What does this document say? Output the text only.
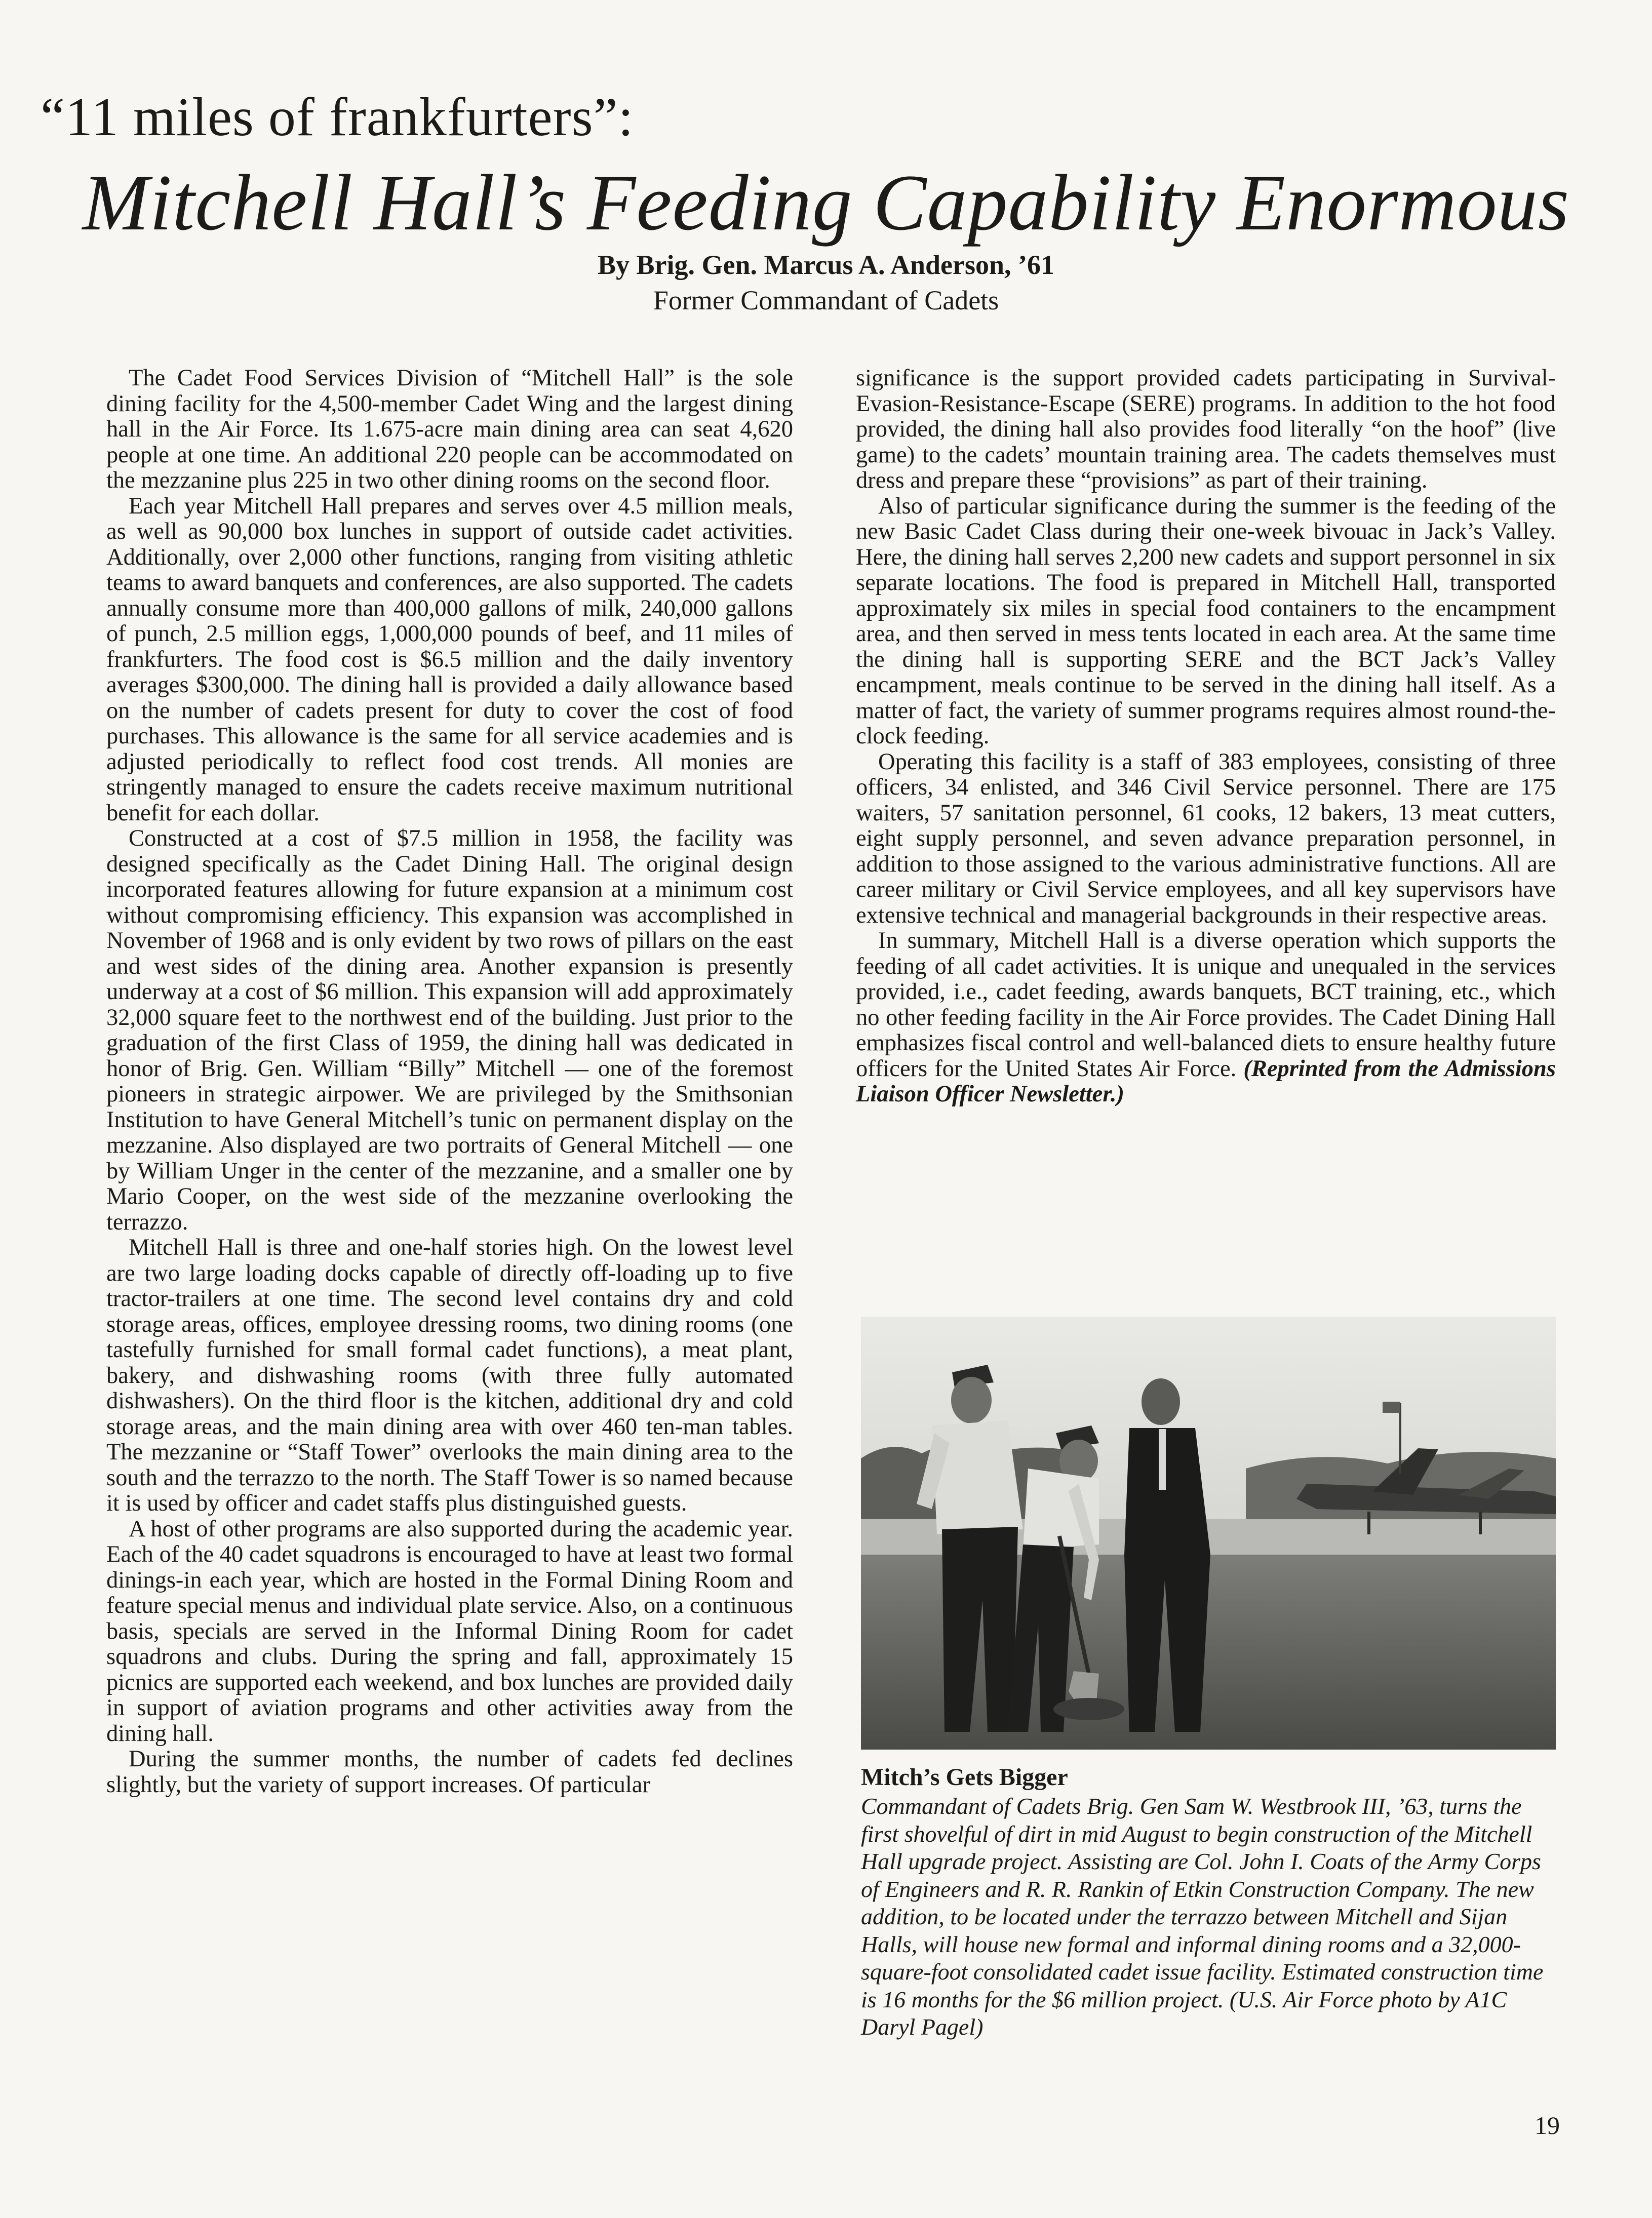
“11 miles of frankfurters”:
Mitchell Hall’s Feeding Capability Enormous
By Brig. Gen. Marcus A. Anderson, ’61
Former Commandant of Cadets

The Cadet Food Services Division of “Mitchell Hall” is the sole dining facility for the 4,500-member Cadet Wing and the largest dining hall in the Air Force. Its 1.675-acre main dining area can seat 4,620 people at one time. An additional 220 people can be accommodated on the mezzanine plus 225 in two other dining rooms on the second floor.

Each year Mitchell Hall prepares and serves over 4.5 million meals, as well as 90,000 box lunches in support of outside cadet activities. Additionally, over 2,000 other functions, ranging from visiting athletic teams to award banquets and conferences, are also supported. The cadets annually consume more than 400,000 gallons of milk, 240,000 gallons of punch, 2.5 million eggs, 1,000,000 pounds of beef, and 11 miles of frankfurters. The food cost is $6.5 million and the daily inventory averages $300,000. The dining hall is provided a daily allowance based on the number of cadets present for duty to cover the cost of food purchases. This allowance is the same for all service academies and is adjusted periodically to reflect food cost trends. All monies are stringently managed to ensure the cadets receive maximum nutritional benefit for each dollar.

Constructed at a cost of $7.5 million in 1958, the facility was designed specifically as the Cadet Dining Hall. The original design incorporated features allowing for future expansion at a minimum cost without compromising efficiency. This expansion was accomplished in November of 1968 and is only evident by two rows of pillars on the east and west sides of the dining area. Another expansion is presently underway at a cost of $6 million. This expansion will add approximately 32,000 square feet to the northwest end of the building. Just prior to the graduation of the first Class of 1959, the dining hall was dedicated in honor of Brig. Gen. William “Billy” Mitchell — one of the foremost pioneers in strategic airpower. We are privileged by the Smithsonian Institution to have General Mitchell’s tunic on permanent display on the mezzanine. Also displayed are two portraits of General Mitchell — one by William Unger in the center of the mezzanine, and a smaller one by Mario Cooper, on the west side of the mezzanine overlooking the terrazzo.

Mitchell Hall is three and one-half stories high. On the lowest level are two large loading docks capable of directly off-loading up to five tractor-trailers at one time. The second level contains dry and cold storage areas, offices, employee dressing rooms, two dining rooms (one tastefully furnished for small formal cadet functions), a meat plant, bakery, and dishwashing rooms (with three fully automated dishwashers). On the third floor is the kitchen, additional dry and cold storage areas, and the main dining area with over 460 ten-man tables. The mezzanine or “Staff Tower” overlooks the main dining area to the south and the terrazzo to the north. The Staff Tower is so named because it is used by officer and cadet staffs plus distinguished guests.

A host of other programs are also supported during the academic year. Each of the 40 cadet squadrons is encouraged to have at least two formal dinings-in each year, which are hosted in the Formal Dining Room and feature special menus and individual plate service. Also, on a continuous basis, specials are served in the Informal Dining Room for cadet squadrons and clubs. During the spring and fall, approximately 15 picnics are supported each weekend, and box lunches are provided daily in support of aviation programs and other activities away from the dining hall.

During the summer months, the number of cadets fed declines slightly, but the variety of support increases. Of particular

significance is the support provided cadets participating in Survival-Evasion-Resistance-Escape (SERE) programs. In addition to the hot food provided, the dining hall also provides food literally “on the hoof” (live game) to the cadets’ mountain training area. The cadets themselves must dress and prepare these “provisions” as part of their training.

Also of particular significance during the summer is the feeding of the new Basic Cadet Class during their one-week bivouac in Jack’s Valley. Here, the dining hall serves 2,200 new cadets and support personnel in six separate locations. The food is prepared in Mitchell Hall, transported approximately six miles in special food containers to the encampment area, and then served in mess tents located in each area. At the same time the dining hall is supporting SERE and the BCT Jack’s Valley encampment, meals continue to be served in the dining hall itself. As a matter of fact, the variety of summer programs requires almost round-the-clock feeding.

Operating this facility is a staff of 383 employees, consisting of three officers, 34 enlisted, and 346 Civil Service personnel. There are 175 waiters, 57 sanitation personnel, 61 cooks, 12 bakers, 13 meat cutters, eight supply personnel, and seven advance preparation personnel, in addition to those assigned to the various administrative functions. All are career military or Civil Service employees, and all key supervisors have extensive technical and managerial backgrounds in their respective areas.

In summary, Mitchell Hall is a diverse operation which supports the feeding of all cadet activities. It is unique and unequaled in the services provided, i.e., cadet feeding, awards banquets, BCT training, etc., which no other feeding facility in the Air Force provides. The Cadet Dining Hall emphasizes fiscal control and well-balanced diets to ensure healthy future officers for the United States Air Force. (Reprinted from the Admissions Liaison Officer Newsletter.)

Mitch’s Gets Bigger
Commandant of Cadets Brig. Gen Sam W. Westbrook III, ’63, turns the first shovelful of dirt in mid August to begin construction of the Mitchell Hall upgrade project. Assisting are Col. John I. Coats of the Army Corps of Engineers and R. R. Rankin of Etkin Construction Company. The new addition, to be located under the terrazzo between Mitchell and Sijan Halls, will house new formal and informal dining rooms and a 32,000-square-foot consolidated cadet issue facility. Estimated construction time is 16 months for the $6 million project. (U.S. Air Force photo by A1C Daryl Pagel)
19
